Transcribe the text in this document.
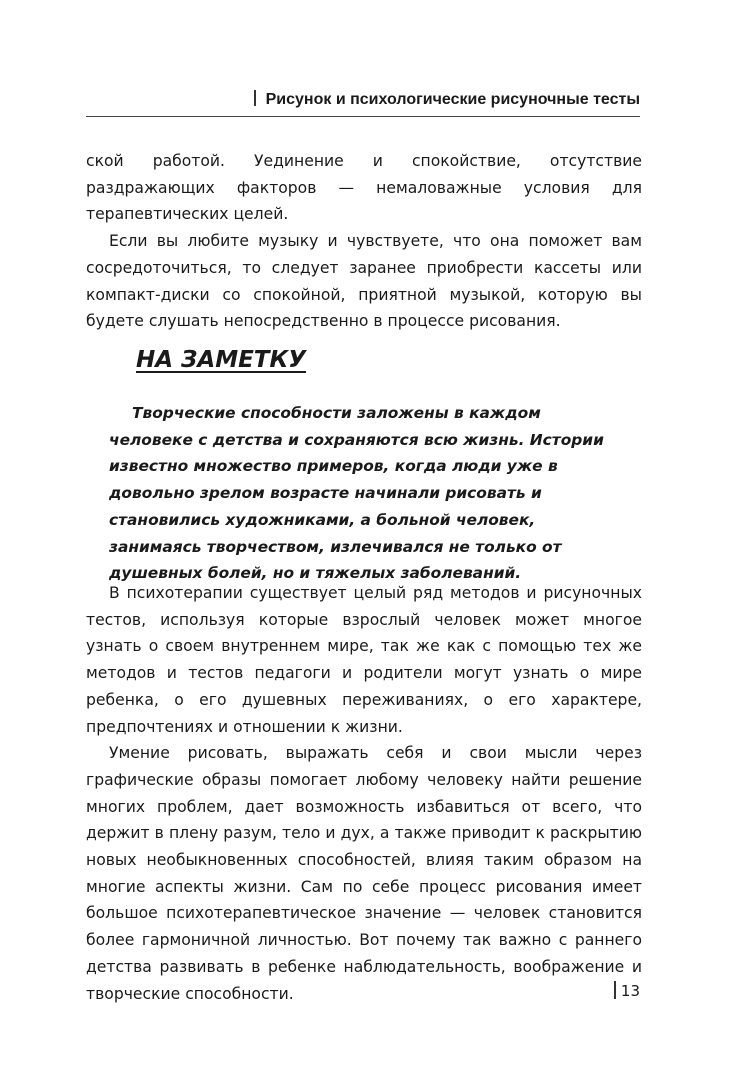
Рисунок и психологические рисуночные тесты

ской работой. Уединение и спокойствие, отсутствие раздражающих факторов — немаловажные условия для терапевтических целей.

Если вы любите музыку и чувствуете, что она поможет вам сосредоточиться, то следует заранее приобрести кассеты или компакт-диски со спокойной, приятной музыкой, которую вы будете слушать непосредственно в процессе рисования.

НА ЗАМЕТКУ

Творческие способности заложены в каждом человеке с детства и сохраняются всю жизнь. Истории известно множество примеров, когда люди уже в довольно зрелом возрасте начинали рисовать и становились художниками, а больной человек, занимаясь творчеством, излечивался не только от душевных болей, но и тяжелых заболеваний.

В психотерапии существует целый ряд методов и рисуночных тестов, используя которые взрослый человек может многое узнать о своем внутреннем мире, так же как с помощью тех же методов и тестов педагоги и родители могут узнать о мире ребенка, о его душевных переживаниях, о его характере, предпочтениях и отношении к жизни.

Умение рисовать, выражать себя и свои мысли через графические образы помогает любому человеку найти решение многих проблем, дает возможность избавиться от всего, что держит в плену разум, тело и дух, а также приводит к раскрытию новых необыкновенных способностей, влияя таким образом на многие аспекты жизни. Сам по себе процесс рисования имеет большое психотерапевтическое значение — человек становится более гармоничной личностью. Вот почему так важно с раннего детства развивать в ребенке наблюдательность, воображение и творческие способности.	13
